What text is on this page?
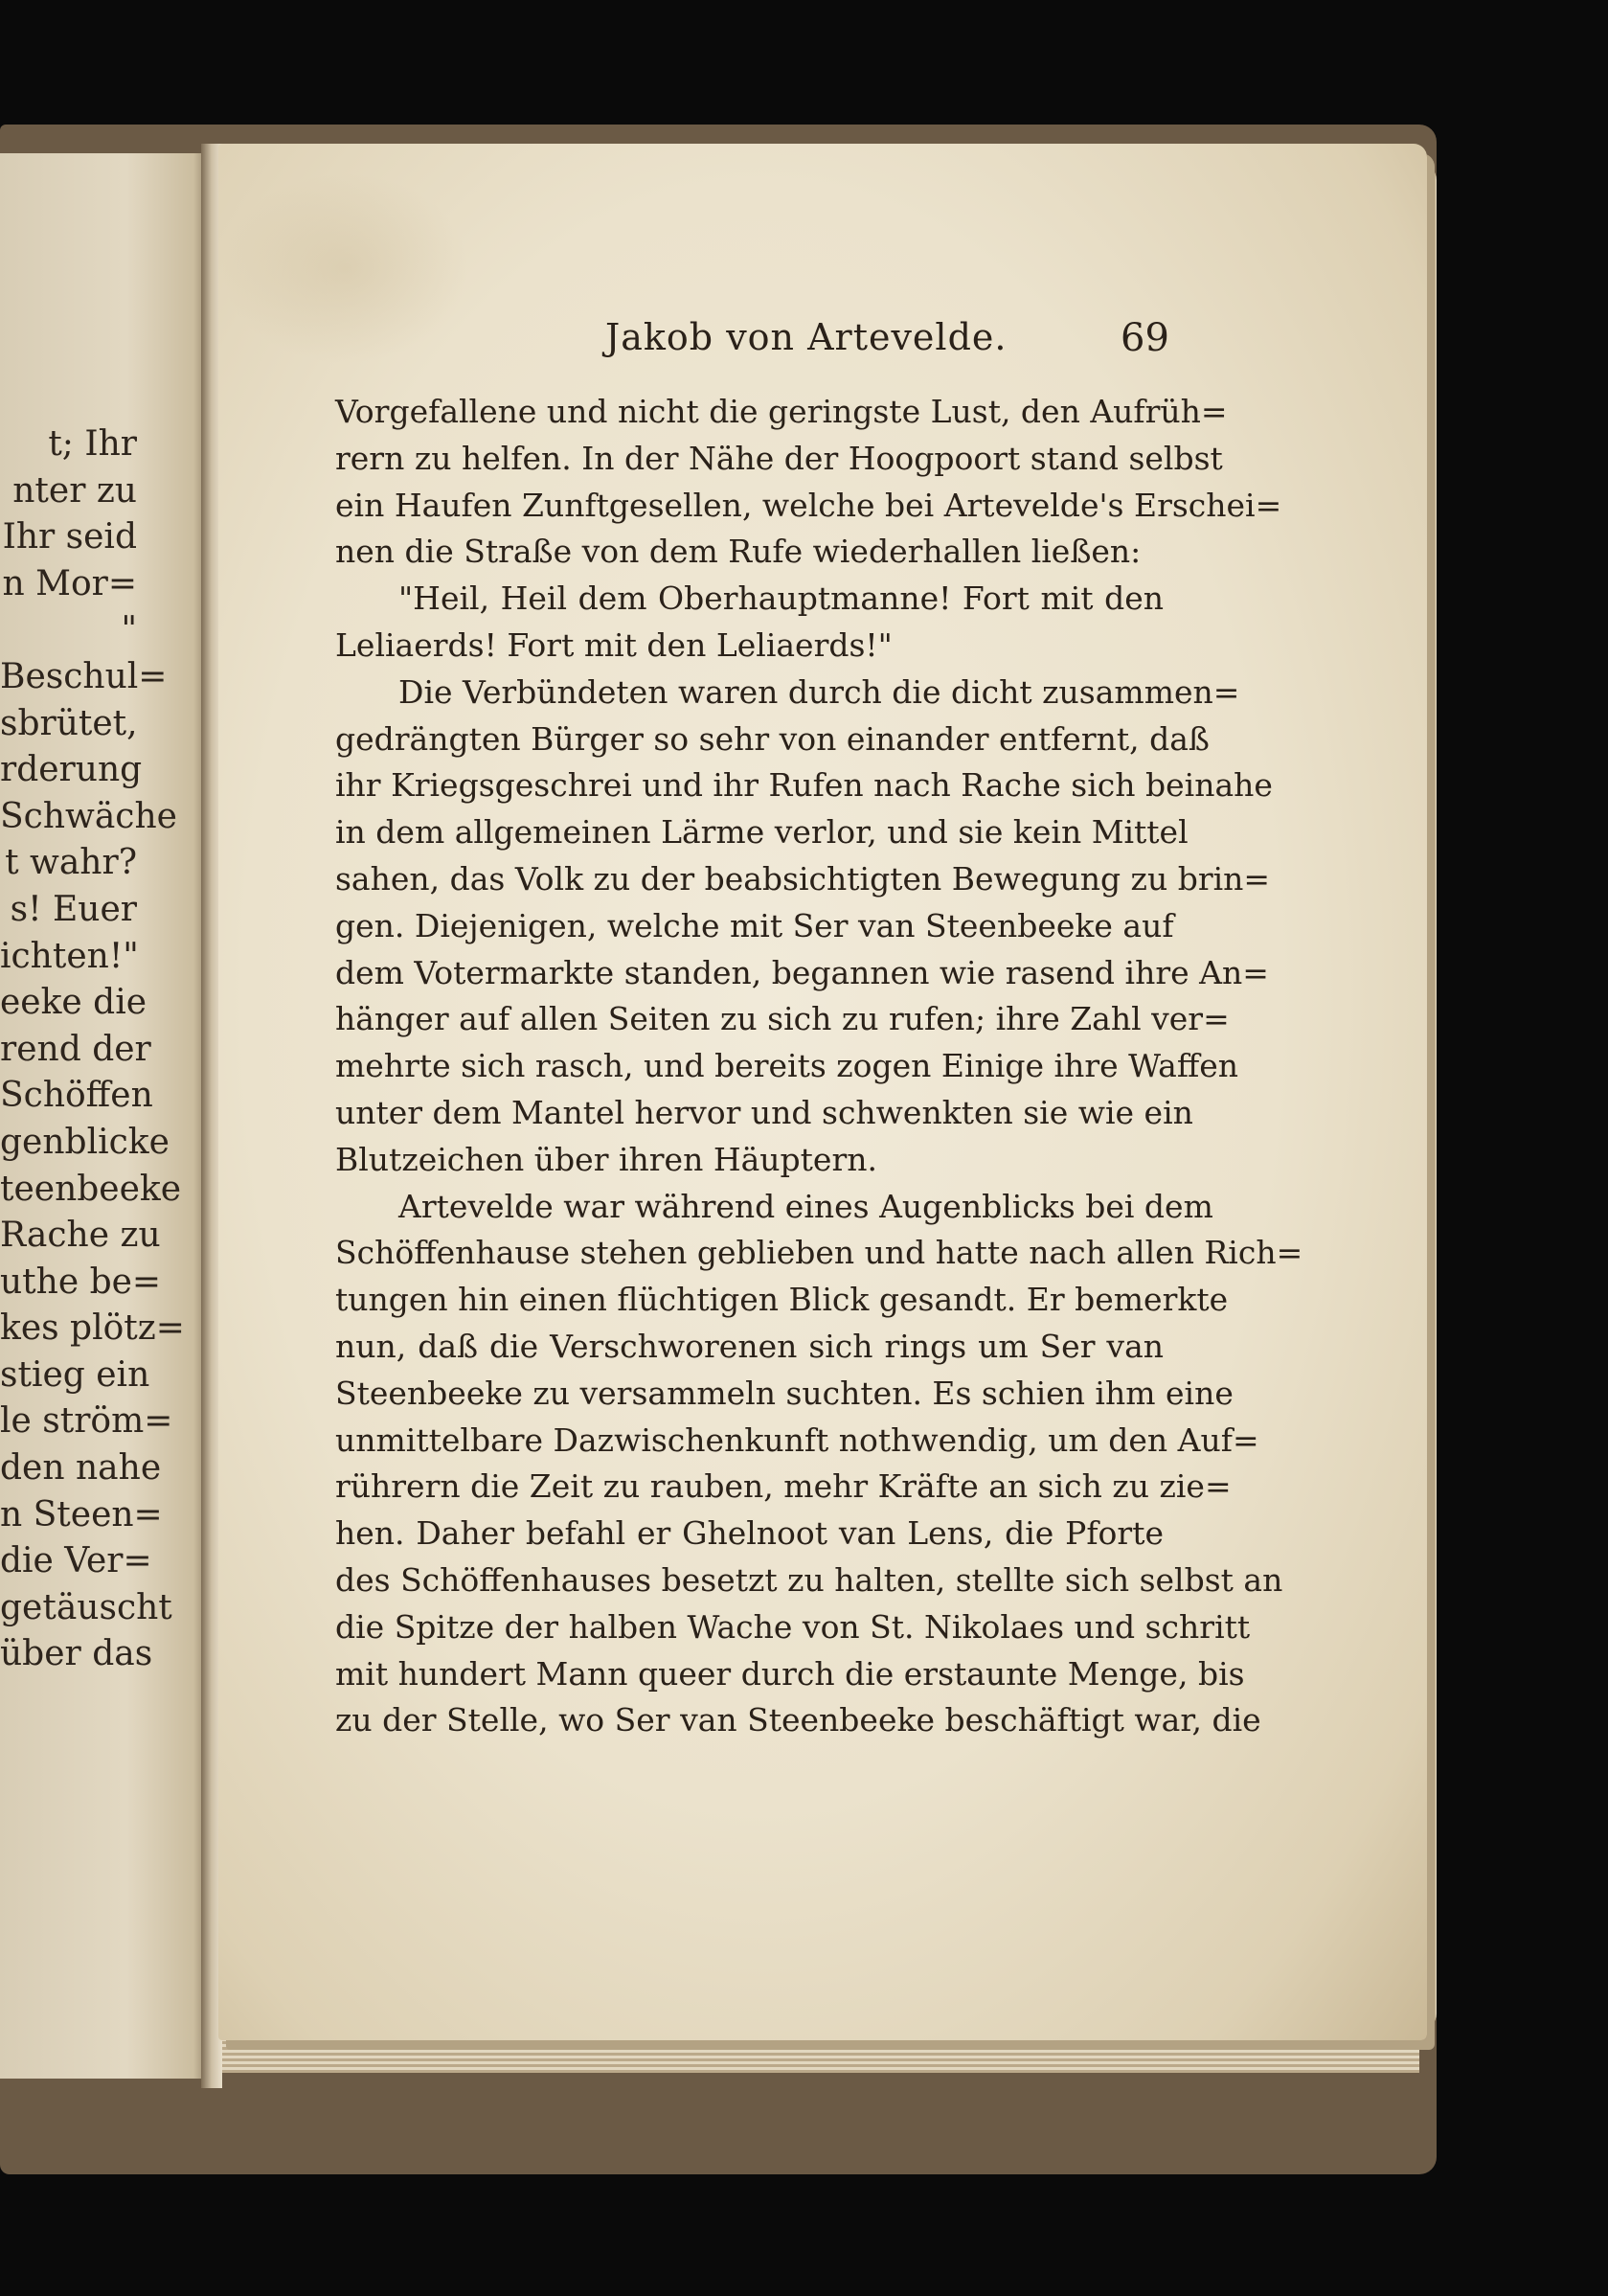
t; Ihr
nter zu
Ihr seid
n Mor=
"
Beschul=
sbrütet,
rderung
Schwäche
t wahr?
s! Euer
ichten!"
eeke die
rend der
Schöffen
genblicke
teenbeeke
Rache zu
uthe be=
kes plötz=
stieg ein
le ström=
den nahe
n Steen=
die Ver=
getäuscht
über das
Jakob von Artevelde.	69
Vorgefallene und nicht die geringste Lust, den Aufrüh=
rern zu helfen. In der Nähe der Hoogpoort stand selbst
ein Haufen Zunftgesellen, welche bei Artevelde's Erschei=
nen die Straße von dem Rufe wiederhallen ließen:
"Heil, Heil dem Oberhauptmanne! Fort mit den
Leliaerds! Fort mit den Leliaerds!"
Die Verbündeten waren durch die dicht zusammen=
gedrängten Bürger so sehr von einander entfernt, daß
ihr Kriegsgeschrei und ihr Rufen nach Rache sich beinahe
in dem allgemeinen Lärme verlor, und sie kein Mittel
sahen, das Volk zu der beabsichtigten Bewegung zu brin=
gen. Diejenigen, welche mit Ser van Steenbeeke auf
dem Votermarkte standen, begannen wie rasend ihre An=
hänger auf allen Seiten zu sich zu rufen; ihre Zahl ver=
mehrte sich rasch, und bereits zogen Einige ihre Waffen
unter dem Mantel hervor und schwenkten sie wie ein
Blutzeichen über ihren Häuptern.
Artevelde war während eines Augenblicks bei dem
Schöffenhause stehen geblieben und hatte nach allen Rich=
tungen hin einen flüchtigen Blick gesandt. Er bemerkte
nun, daß die Verschworenen sich rings um Ser van
Steenbeeke zu versammeln suchten. Es schien ihm eine
unmittelbare Dazwischenkunft nothwendig, um den Auf=
rührern die Zeit zu rauben, mehr Kräfte an sich zu zie=
hen. Daher befahl er Ghelnoot van Lens, die Pforte
des Schöffenhauses besetzt zu halten, stellte sich selbst an
die Spitze der halben Wache von St. Nikolaes und schritt
mit hundert Mann queer durch die erstaunte Menge, bis
zu der Stelle, wo Ser van Steenbeeke beschäftigt war, die
